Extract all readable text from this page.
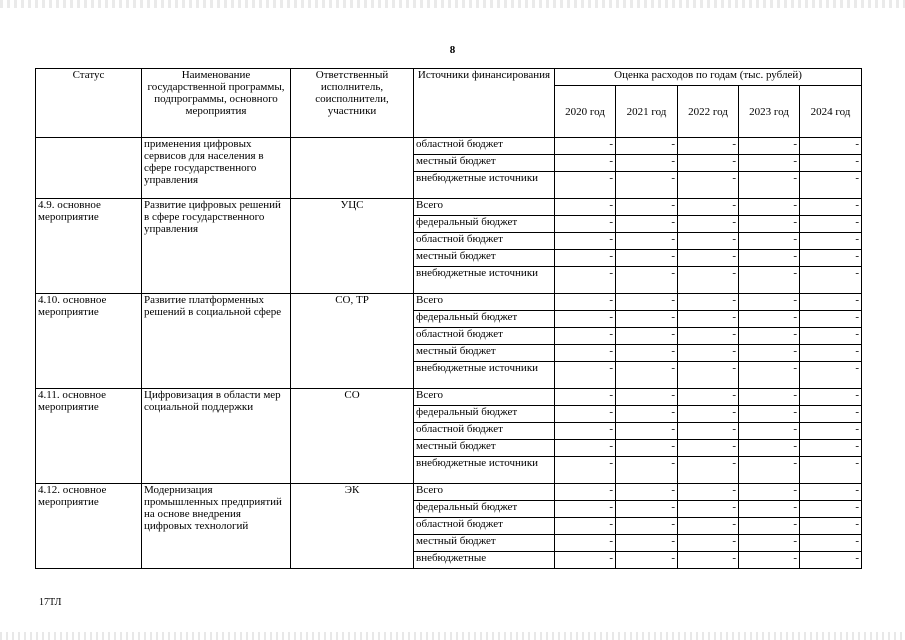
8
Статус	Наименование государственной программы, подпрограммы, основного мероприятия	Ответственный исполнитель, соисполнители, участники	Источники финансирования	Оценка расходов по годам (тыс. рублей)				
				2020 год	2021 год	2022 год	2023 год	2024 год
	применения цифровых сервисов для населения в сфере государственного управления		областной бюджет	-	-	-	-	-
			местный бюджет	-	-	-	-	-
			внебюджетные источники	-	-	-	-	-
4.9. основное мероприятие	Развитие цифровых решений в сфере государственного управления	УЦС	Всего	-	-	-	-	-
			федеральный бюджет	-	-	-	-	-
			областной бюджет	-	-	-	-	-
			местный бюджет	-	-	-	-	-
			внебюджетные источники	-	-	-	-	-
4.10. основное мероприятие	Развитие платформенных решений в социальной сфере	СО, ТР	Всего	-	-	-	-	-
			федеральный бюджет	-	-	-	-	-
			областной бюджет	-	-	-	-	-
			местный бюджет	-	-	-	-	-
			внебюджетные источники	-	-	-	-	-
4.11. основное мероприятие	Цифровизация в области мер социальной поддержки	СО	Всего	-	-	-	-	-
			федеральный бюджет	-	-	-	-	-
			областной бюджет	-	-	-	-	-
			местный бюджет	-	-	-	-	-
			внебюджетные источники	-	-	-	-	-
4.12. основное мероприятие	Модернизация промышленных предприятий на основе внедрения цифровых технологий	ЭК	Всего	-	-	-	-	-
			федеральный бюджет	-	-	-	-	-
			областной бюджет	-	-	-	-	-
			местный бюджет	-	-	-	-	-
			внебюджетные	-	-	-	-	-
17ТЛ
